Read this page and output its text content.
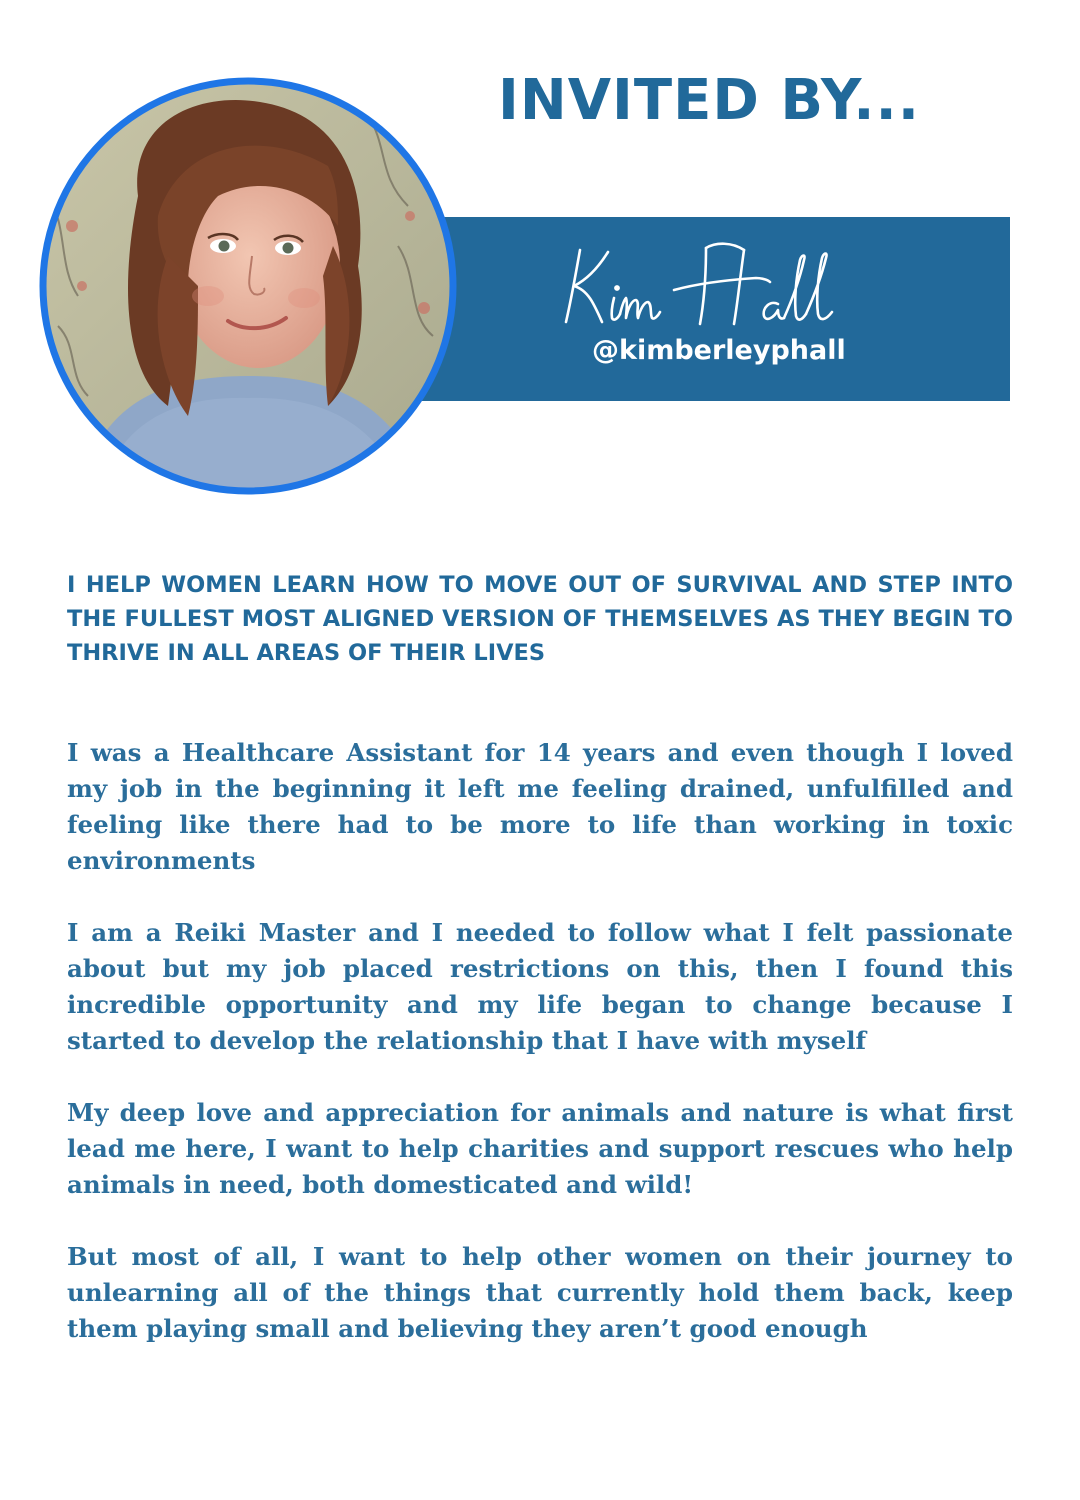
INVITED BY...
@kimberleyphall

I HELP WOMEN LEARN HOW TO MOVE OUT OF SURVIVAL AND STEP INTO THE FULLEST MOST ALIGNED VERSION OF THEMSELVES AS THEY BEGIN TO THRIVE IN ALL AREAS OF THEIR LIVES

I was a Healthcare Assistant for 14 years and even though I loved my job in the beginning it left me feeling drained, unfulfilled and feeling like there had to be more to life than working in toxic environments

I am a Reiki Master and I needed to follow what I felt passionate about but my job placed restrictions on this, then I found this incredible opportunity and my life began to change because I started to develop the relationship that I have with myself

My deep love and appreciation for animals and nature is what first lead me here, I want to help charities and support rescues who help animals in need, both domesticated and wild!

But most of all, I want to help other women on their journey to unlearning all of the things that currently hold them back, keep them playing small and believing they aren’t good enough
